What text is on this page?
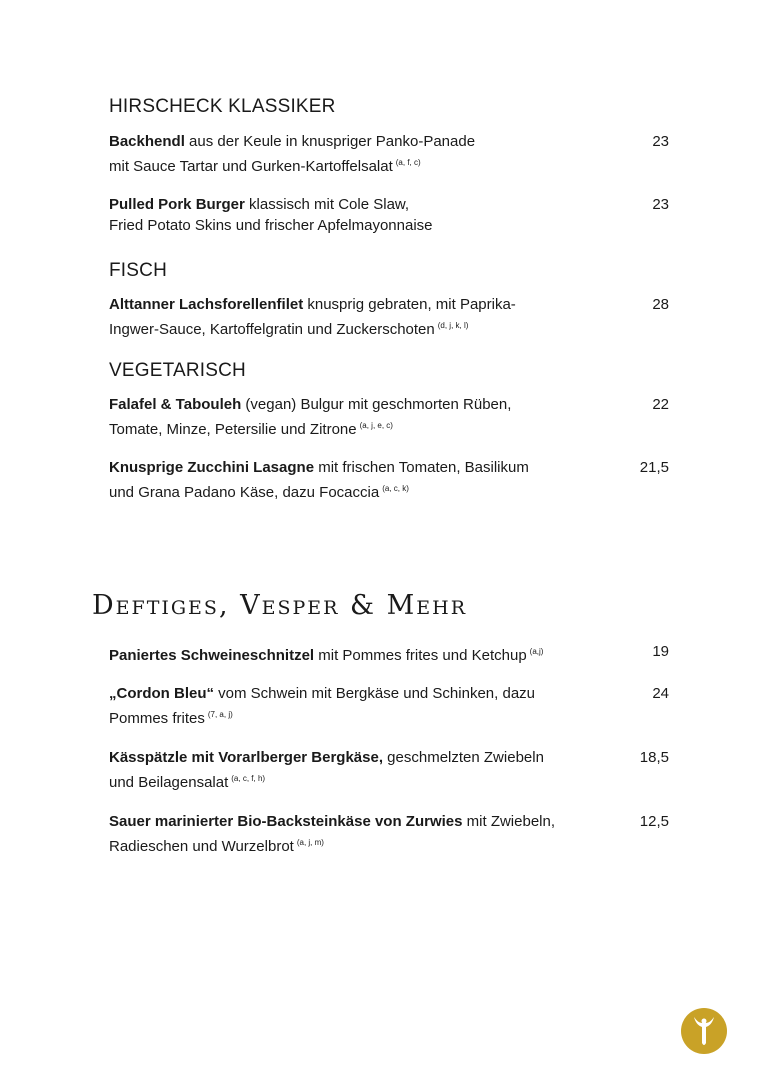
HIRSCHECK KLASSIKER
Backhendl aus der Keule in knuspriger Panko-Panade
mit Sauce Tartar und Gurken-Kartoffelsalat $^{(a, f, c)}$
23
Pulled Pork Burger klassisch mit Cole Slaw,
Fried Potato Skins und frischer Apfelmayonnaise
23
FISCH
Alttanner Lachsforellenfilet knusprig gebraten, mit Paprika-
Ingwer-Sauce, Kartoffelgratin und Zuckerschoten $^{(d, j, k, l)}$
28
VEGETARISCH
Falafel & Tabouleh (vegan) Bulgur mit geschmorten Rüben,
Tomate, Minze, Petersilie und Zitrone $^{(a, j, e, c)}$
22
Knusprige Zucchini Lasagne mit frischen Tomaten, Basilikum
und Grana Padano Käse, dazu Focaccia $^{(a, c, k)}$
21,5
Deftiges, Vesper & Mehr
Paniertes Schweineschnitzel mit Pommes frites und Ketchup $^{(a,j)}$	19
„Cordon Bleu“ vom Schwein mit Bergkäse und Schinken, dazu
Pommes frites $^{(7, a, j)}$
24
Kässpätzle mit Vorarlberger Bergkäse, geschmelzten Zwiebeln
und Beilagensalat $^{(a, c, f, h)}$
18,5
Sauer marinierter Bio-Backsteinkäse von Zurwies mit Zwiebeln,
Radieschen und Wurzelbrot $^{(a, j, m)}$
12,5
